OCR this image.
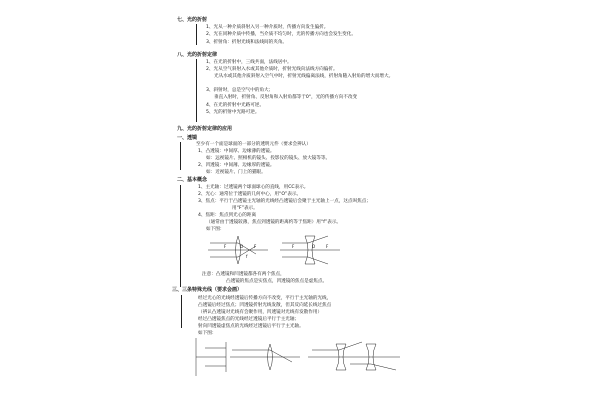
七、光的折射
1、光从一种介质斜射入另一种介质时，传播方向发生偏折。
2、光在同种介质中传播，当介质不均匀时，光的传播方向也会发生变化。
3、折射角：折射光线和法线间的夹角。
八、光的折射定律
1、在光的折射中，三线共面，法线居中。
2、光从空气斜射入水或其他介质时，折射光线向法线方向偏折。
光从水或其他介质斜射入空气中时，折射光线偏离法线，折射角随入射角的增大而增大。
3、斜射时，总是空气中的角大；
垂直入射时，折射角、反射角和入射角都等于0°，光的传播方向不改变
4、在光的折射中光路可逆。
5、光的折射中光路可逆。
九、光的折射定律的应用
一、透镜
至少有一个面是球面的一部分的透明元件（要求会辨认）
1、凸透镜：中间厚、边缘薄的透镜。
如：远视镜片、照相机的镜头、投影仪的镜头、放大镜等等。
2、凹透镜：中间薄、边缘厚的透镜。
如：近视镜片、门上的猫眼。
二、基本概念
1、主光轴：过透镜两个球面球心的直线，用CC表示。
2、光心：通常位于透镜的几何中心，用“O”表示。
3、焦点：平行于凸透镜主光轴的光线经凸透镜后会聚于主光轴上一点，这点叫焦点；
用“F”表示。
4、焦距：焦点到光心的距离
（通常由于透镜较薄，焦点到透镜的距离约等于焦距）用“f”表示。
如下图：
注意：凸透镜和凹透镜都各有两个焦点，
凸透镜的焦点是实焦点，凹透镜的焦点是虚焦点。
三、三条特殊光线（要求会画）
经过光心的光线经透镜后传播方向不改变，平行于主光轴的光线，
凸透镜后经过焦点；凹透镜折射光线发散，但其反向延长线过焦点
（辨认凸透镜对光线有会聚作用，凹透镜对光线有发散作用）
经过凸透镜焦点的光线经过透镜后平行于主光轴；
射向凹透镜虚焦点的光线经过透镜后平行于主光轴。
如下图：
F	O	F
f
O
F	F
